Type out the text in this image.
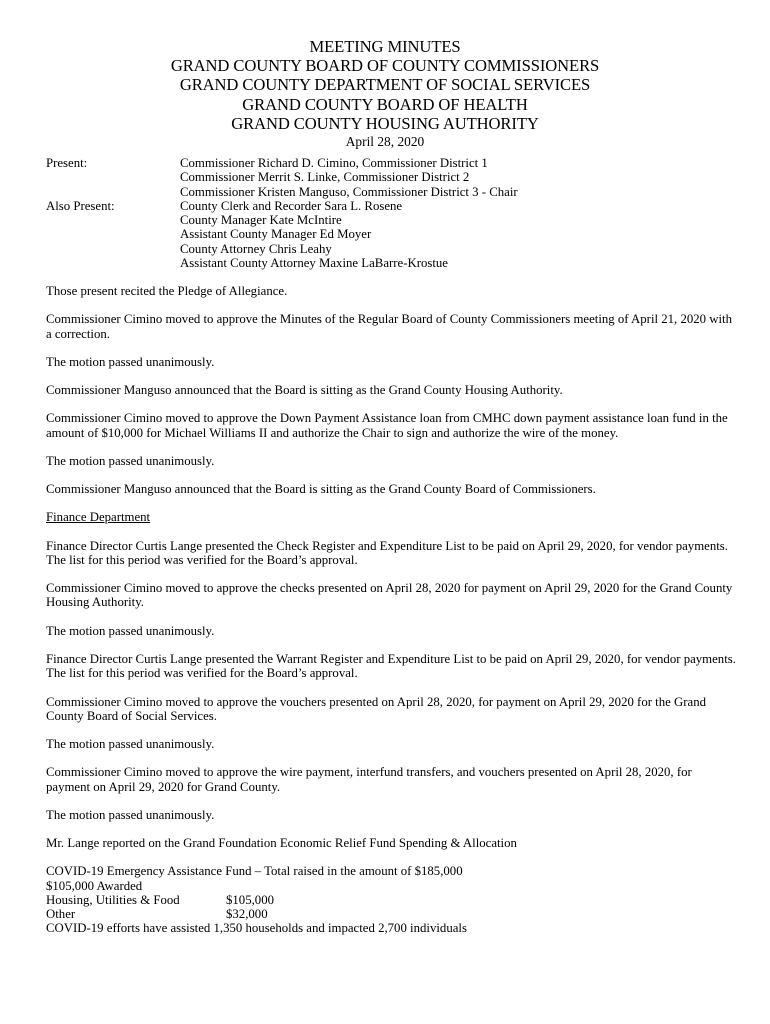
MEETING MINUTES
GRAND COUNTY BOARD OF COUNTY COMMISSIONERS
GRAND COUNTY DEPARTMENT OF SOCIAL SERVICES
GRAND COUNTY BOARD OF HEALTH
GRAND COUNTY HOUSING AUTHORITY
April 28, 2020
Present:	Commissioner Richard D. Cimino, Commissioner District 1
Commissioner Merrit S. Linke, Commissioner District 2
Commissioner Kristen Manguso, Commissioner District 3 - Chair
Also Present:	County Clerk and Recorder Sara L. Rosene
County Manager Kate McIntire
Assistant County Manager Ed Moyer
County Attorney Chris Leahy
Assistant County Attorney Maxine LaBarre-Krostue

Those present recited the Pledge of Allegiance.

Commissioner Cimino moved to approve the Minutes of the Regular Board of County Commissioners meeting of April 21, 2020 with a correction.

The motion passed unanimously.

Commissioner Manguso announced that the Board is sitting as the Grand County Housing Authority.

Commissioner Cimino moved to approve the Down Payment Assistance loan from CMHC down payment assistance loan fund in the amount of $10,000 for Michael Williams II and authorize the Chair to sign and authorize the wire of the money.

The motion passed unanimously.

Commissioner Manguso announced that the Board is sitting as the Grand County Board of Commissioners.

Finance Department

Finance Director Curtis Lange presented the Check Register and Expenditure List to be paid on April 29, 2020, for vendor payments. The list for this period was verified for the Board’s approval.

Commissioner Cimino moved to approve the checks presented on April 28, 2020 for payment on April 29, 2020 for the Grand County Housing Authority.

The motion passed unanimously.

Finance Director Curtis Lange presented the Warrant Register and Expenditure List to be paid on April 29, 2020, for vendor payments. The list for this period was verified for the Board’s approval.

Commissioner Cimino moved to approve the vouchers presented on April 28, 2020, for payment on April 29, 2020 for the Grand County Board of Social Services.

The motion passed unanimously.

Commissioner Cimino moved to approve the wire payment, interfund transfers, and vouchers presented on April 28, 2020, for payment on April 29, 2020 for Grand County.

The motion passed unanimously.

Mr. Lange reported on the Grand Foundation Economic Relief Fund Spending & Allocation

COVID-19 Emergency Assistance Fund – Total raised in the amount of $185,000
$105,000 Awarded
Housing, Utilities & Food	$105,000
Other	$32,000
COVID-19 efforts have assisted 1,350 households and impacted 2,700 individuals
